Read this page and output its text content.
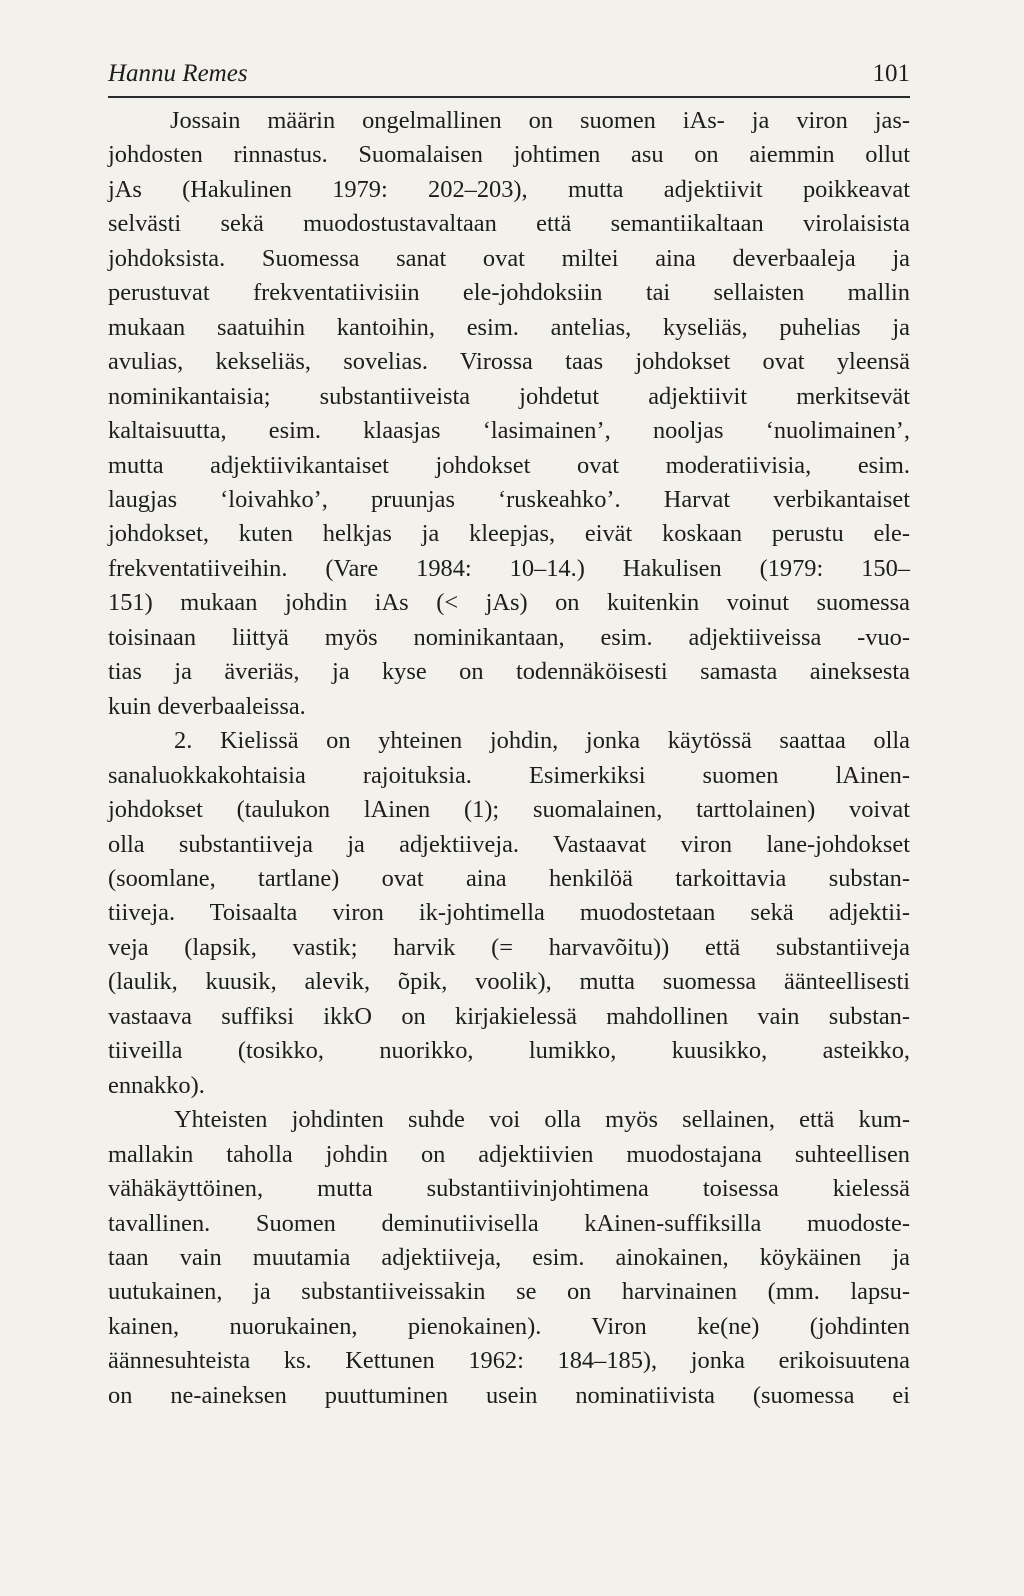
Hannu Remes	101
Jossain määrin ongelmallinen on suomen iAs- ja viron jas-
johdosten rinnastus. Suomalaisen johtimen asu on aiemmin ollut
jAs (Hakulinen 1979: 202–203), mutta adjektiivit poikkeavat
selvästi sekä muodostustavaltaan että semantiikaltaan virolaisista
johdoksista. Suomessa sanat ovat miltei aina deverbaaleja ja
perustuvat frekventatiivisiin ele-johdoksiin tai sellaisten mallin
mukaan saatuihin kantoihin, esim. antelias, kyseliäs, puhelias ja
avulias, kekseliäs, sovelias. Virossa taas johdokset ovat yleensä
nominikantaisia; substantiiveista johdetut adjektiivit merkitsevät
kaltaisuutta, esim. klaasjas ‘lasimainen’, nooljas ‘nuolimainen’,
mutta adjektiivikantaiset johdokset ovat moderatiivisia, esim.
laugjas ‘loivahko’, pruunjas ‘ruskeahko’. Harvat verbikantaiset
johdokset, kuten helkjas ja kleepjas, eivät koskaan perustu ele-
frekventatiiveihin. (Vare 1984: 10–14.) Hakulisen (1979: 150–
151) mukaan johdin iAs (< jAs) on kuitenkin voinut suomessa
toisinaan liittyä myös nominikantaan, esim. adjektiiveissa -vuo-
tias ja äveriäs, ja kyse on todennäköisesti samasta aineksesta
kuin deverbaaleissa.
2. Kielissä on yhteinen johdin, jonka käytössä saattaa olla
sanaluokkakohtaisia rajoituksia. Esimerkiksi suomen lAinen-
johdokset (taulukon lAinen (1); suomalainen, tarttolainen) voivat
olla substantiiveja ja adjektiiveja. Vastaavat viron lane-johdokset
(soomlane, tartlane) ovat aina henkilöä tarkoittavia substan-
tiiveja. Toisaalta viron ik-johtimella muodostetaan sekä adjektii-
veja (lapsik, vastik; harvik (= harvavõitu)) että substantiiveja
(laulik, kuusik, alevik, õpik, voolik), mutta suomessa äänteellisesti
vastaava suffiksi ikkO on kirjakielessä mahdollinen vain substan-
tiiveilla (tosikko, nuorikko, lumikko, kuusikko, asteikko,
ennakko).
Yhteisten johdinten suhde voi olla myös sellainen, että kum-
mallakin taholla johdin on adjektiivien muodostajana suhteellisen
vähäkäyttöinen, mutta substantiivinjohtimena toisessa kielessä
tavallinen. Suomen deminutiivisella kAinen-suffiksilla muodoste-
taan vain muutamia adjektiiveja, esim. ainokainen, köykäinen ja
uutukainen, ja substantiiveissakin se on harvinainen (mm. lapsu-
kainen, nuorukainen, pienokainen). Viron ke(ne) (johdinten
äännesuhteista ks. Kettunen 1962: 184–185), jonka erikoisuutena
on ne-aineksen puuttuminen usein nominatiivista (suomessa ei
